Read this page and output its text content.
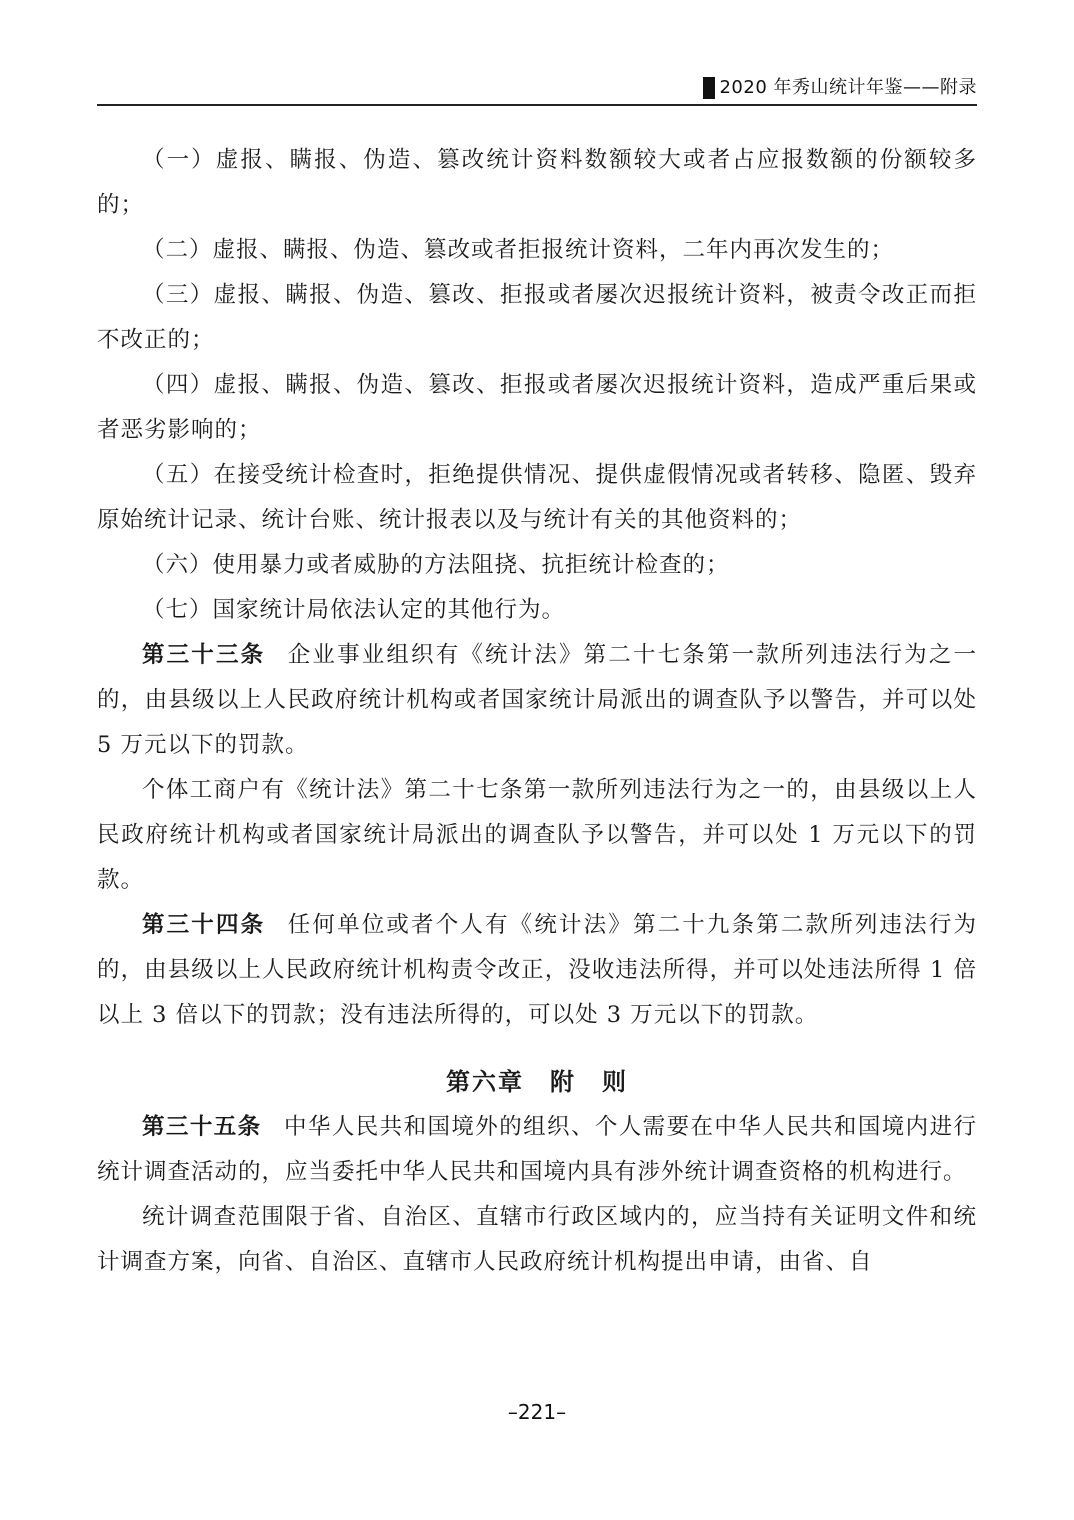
2020 年秀山统计年鉴——附录

（一）虚报、瞒报、伪造、篡改统计资料数额较大或者占应报数额的份额较多的；

（二）虚报、瞒报、伪造、篡改或者拒报统计资料，二年内再次发生的；

（三）虚报、瞒报、伪造、篡改、拒报或者屡次迟报统计资料，被责令改正而拒不改正的；

（四）虚报、瞒报、伪造、篡改、拒报或者屡次迟报统计资料，造成严重后果或者恶劣影响的；

（五）在接受统计检查时，拒绝提供情况、提供虚假情况或者转移、隐匿、毁弃原始统计记录、统计台账、统计报表以及与统计有关的其他资料的；

（六）使用暴力或者威胁的方法阻挠、抗拒统计检查的；

（七）国家统计局依法认定的其他行为。

第三十三条 企业事业组织有《统计法》第二十七条第一款所列违法行为之一的，由县级以上人民政府统计机构或者国家统计局派出的调查队予以警告，并可以处 5 万元以下的罚款。

个体工商户有《统计法》第二十七条第一款所列违法行为之一的，由县级以上人民政府统计机构或者国家统计局派出的调查队予以警告，并可以处 1 万元以下的罚款。

第三十四条 任何单位或者个人有《统计法》第二十九条第二款所列违法行为的，由县级以上人民政府统计机构责令改正，没收违法所得，并可以处违法所得 1 倍以上 3 倍以下的罚款；没有违法所得的，可以处 3 万元以下的罚款。

第六章　附　则

第三十五条 中华人民共和国境外的组织、个人需要在中华人民共和国境内进行统计调查活动的，应当委托中华人民共和国境内具有涉外统计调查资格的机构进行。

统计调查范围限于省、自治区、直辖市行政区域内的，应当持有关证明文件和统计调查方案，向省、自治区、直辖市人民政府统计机构提出申请，由省、自

–221–
